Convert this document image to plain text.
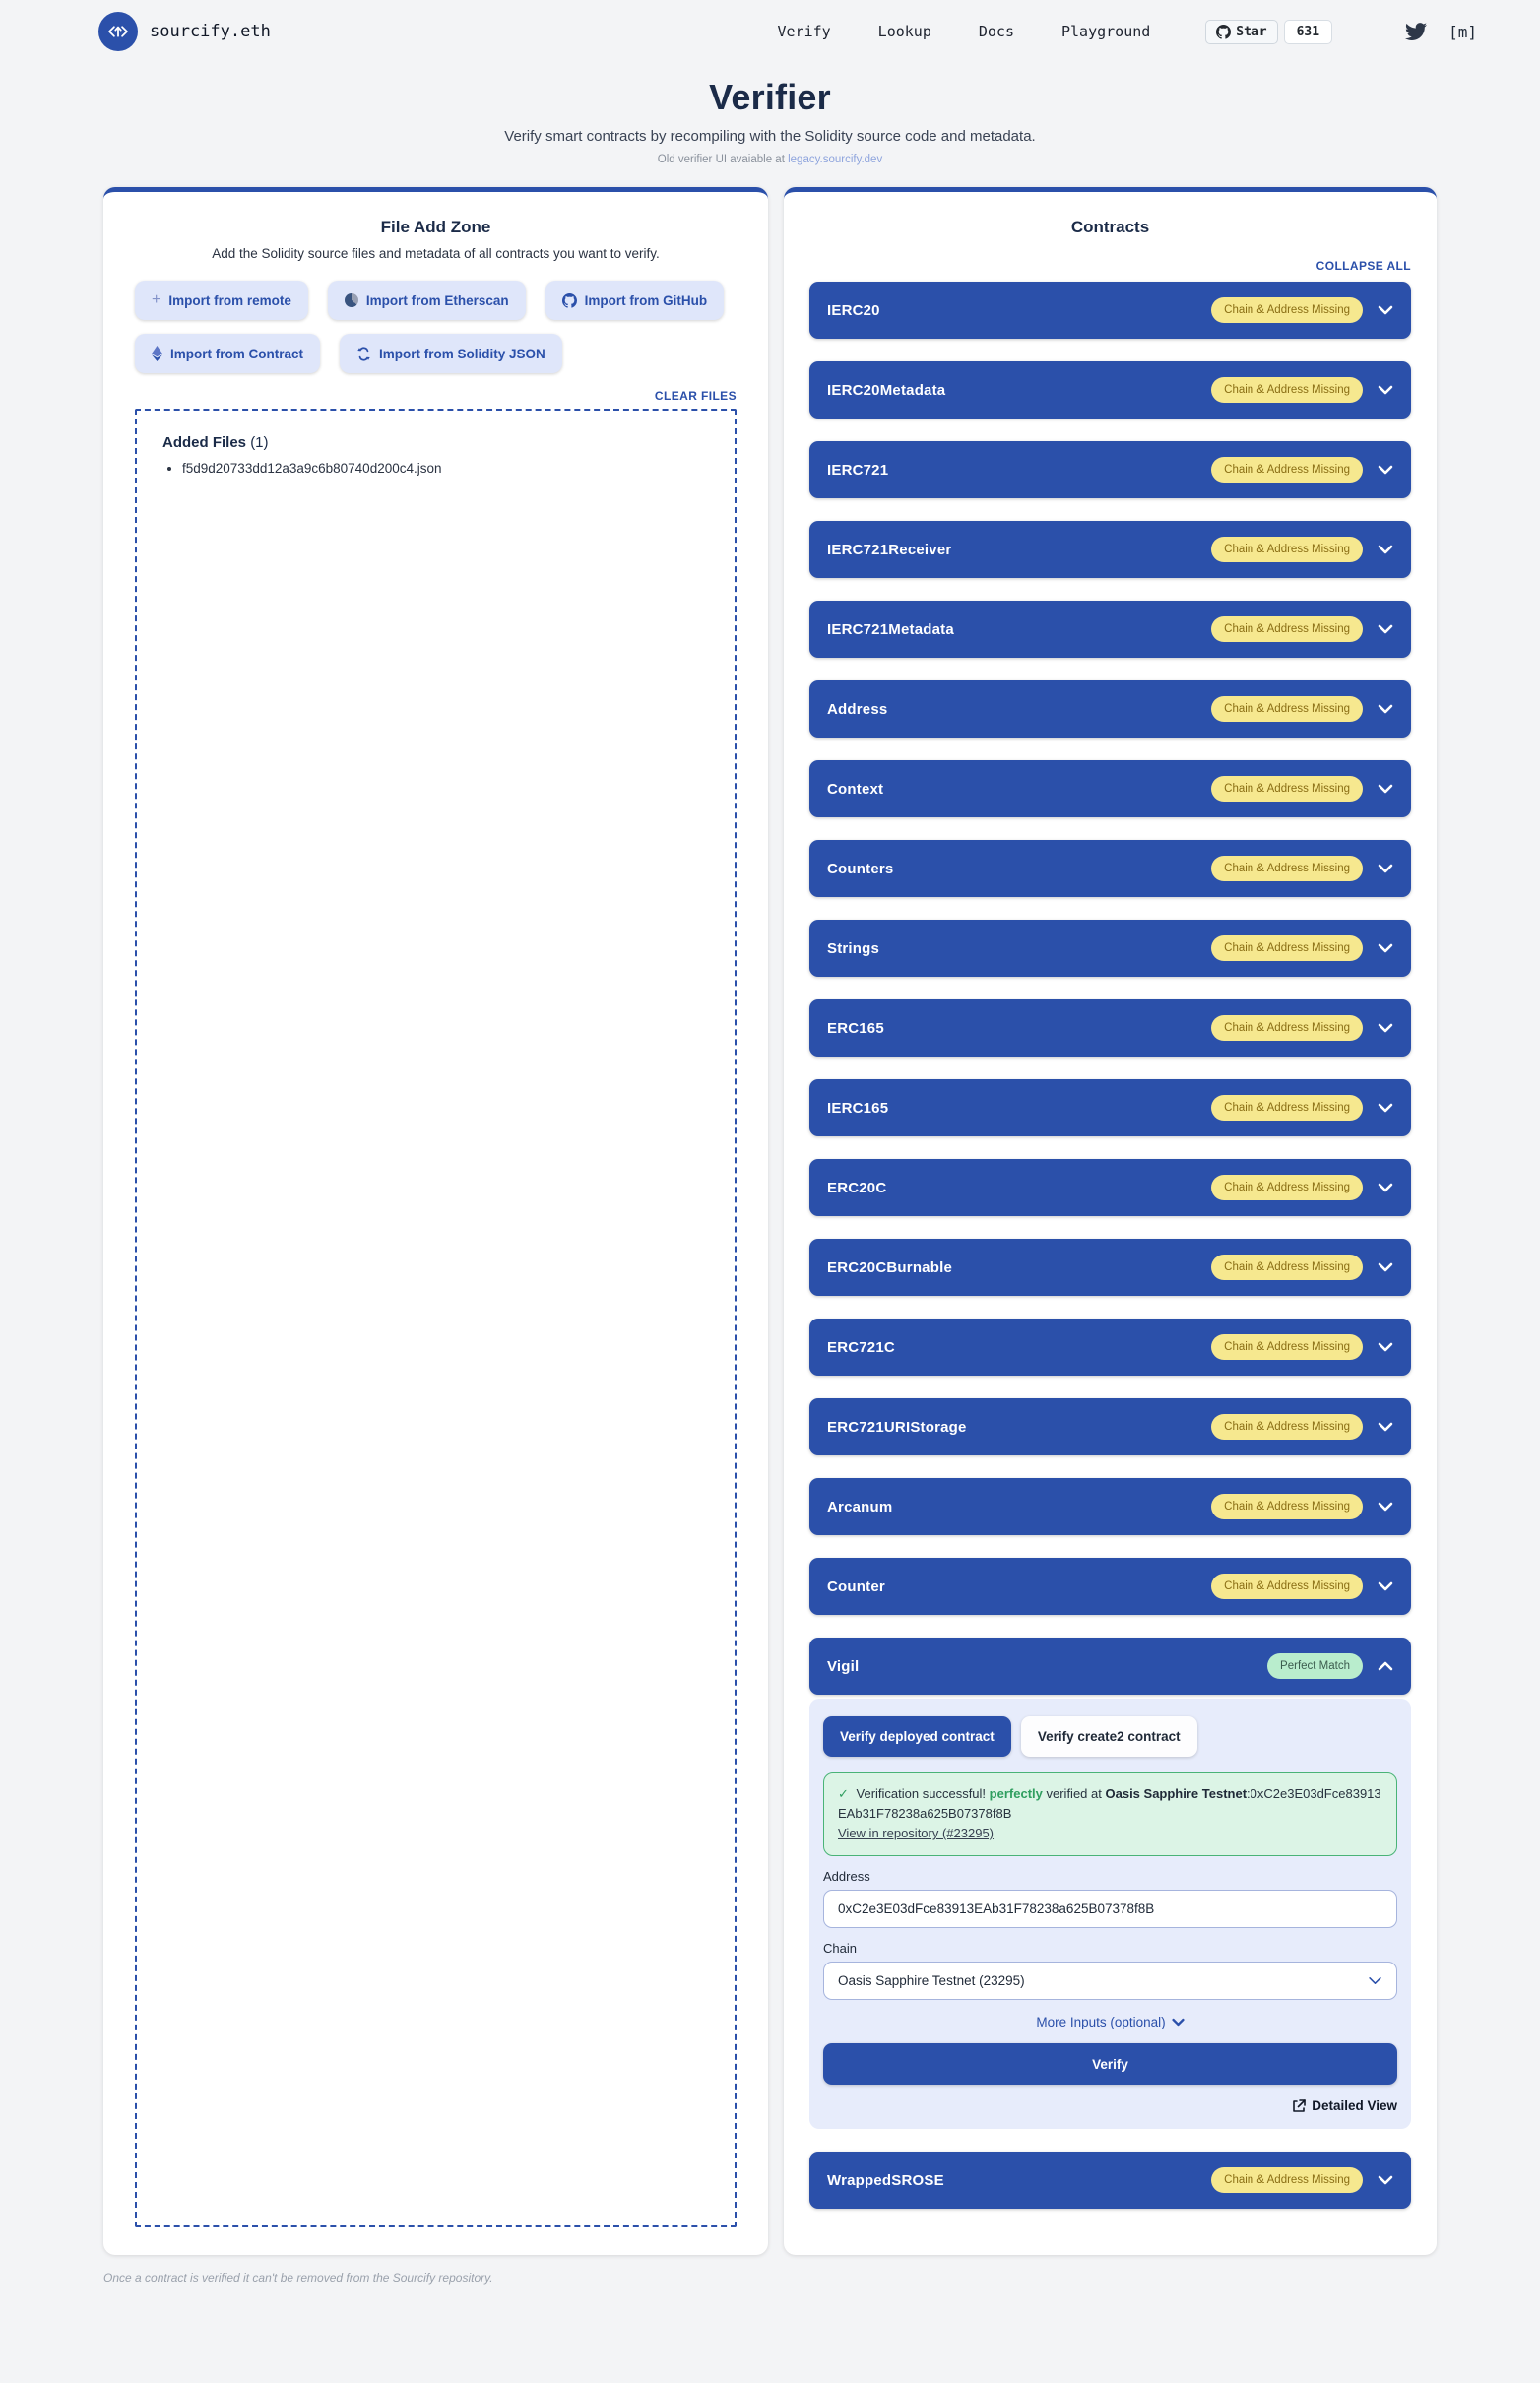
sourcify.eth	Verify	Lookup	Docs	Playground	Star	631	[m]
Verifier
Verify smart contracts by recompiling with the Solidity source code and metadata.
Old verifier UI avaiable at legacy.sourcify.dev
File Add Zone
Add the Solidity source files and metadata of all contracts you want to verify.
+ Import from remote	Import from Etherscan	Import from GitHub
Import from Contract	Import from Solidity JSON
CLEAR FILES
Added Files (1)
• f5d9d20733dd12a3a9c6b80740d200c4.json
Contracts
COLLAPSE ALL
IERC20	Chain & Address Missing
IERC20Metadata	Chain & Address Missing
IERC721	Chain & Address Missing
IERC721Receiver	Chain & Address Missing
IERC721Metadata	Chain & Address Missing
Address	Chain & Address Missing
Context	Chain & Address Missing
Counters	Chain & Address Missing
Strings	Chain & Address Missing
ERC165	Chain & Address Missing
IERC165	Chain & Address Missing
ERC20C	Chain & Address Missing
ERC20CBurnable	Chain & Address Missing
ERC721C	Chain & Address Missing
ERC721URIStorage	Chain & Address Missing
Arcanum	Chain & Address Missing
Counter	Chain & Address Missing
Vigil	Perfect Match
Verify deployed contract	Verify create2 contract
✓ Verification successful! perfectly verified at Oasis Sapphire Testnet:0xC2e3E03dFce83913EAb31F78238a625B07378f8B
View in repository (#23295)
Address
0xC2e3E03dFce83913EAb31F78238a625B07378f8B
Chain
Oasis Sapphire Testnet (23295)
More Inputs (optional)
Verify
Detailed View
WrappedSROSE	Chain & Address Missing
Once a contract is verified it can't be removed from the Sourcify repository.
